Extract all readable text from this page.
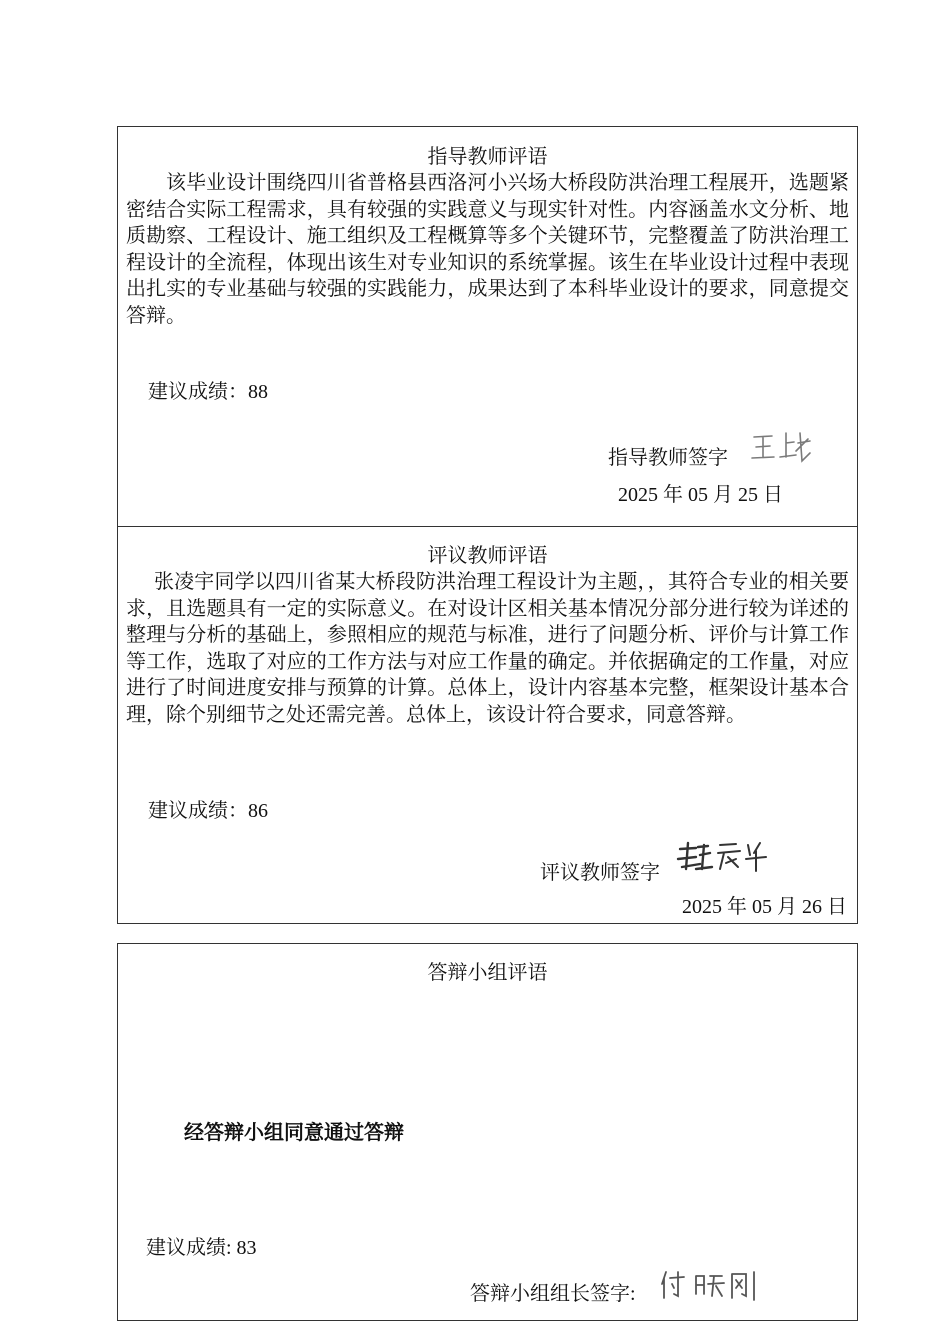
指导教师评语
该毕业设计围绕四川省普格县西洛河小兴场大桥段防洪治理工程展开，选题紧密结合实际工程需求，具有较强的实践意义与现实针对性。内容涵盖水文分析、地质勘察、工程设计、施工组织及工程概算等多个关键环节，完整覆盖了防洪治理工程设计的全流程，体现出该生对专业知识的系统掌握。该生在毕业设计过程中表现出扎实的专业基础与较强的实践能力，成果达到了本科毕业设计的要求，同意提交答辩。
建议成绩：88
指导教师签字
2025 年 05 月 25 日
评议教师评语
张凌宇同学以四川省某大桥段防洪治理工程设计为主题，，其符合专业的相关要求，且选题具有一定的实际意义。在对设计区相关基本情况分部分进行较为详述的整理与分析的基础上，参照相应的规范与标准，进行了问题分析、评价与计算工作等工作，选取了对应的工作方法与对应工作量的确定。并依据确定的工作量，对应进行了时间进度安排与预算的计算。总体上，设计内容基本完整，框架设计基本合理，除个别细节之处还需完善。总体上，该设计符合要求，同意答辩。
建议成绩：86
评议教师签字
2025 年 05 月 26 日
答辩小组评语
经答辩小组同意通过答辩
建议成绩: 83
答辩小组组长签字:
